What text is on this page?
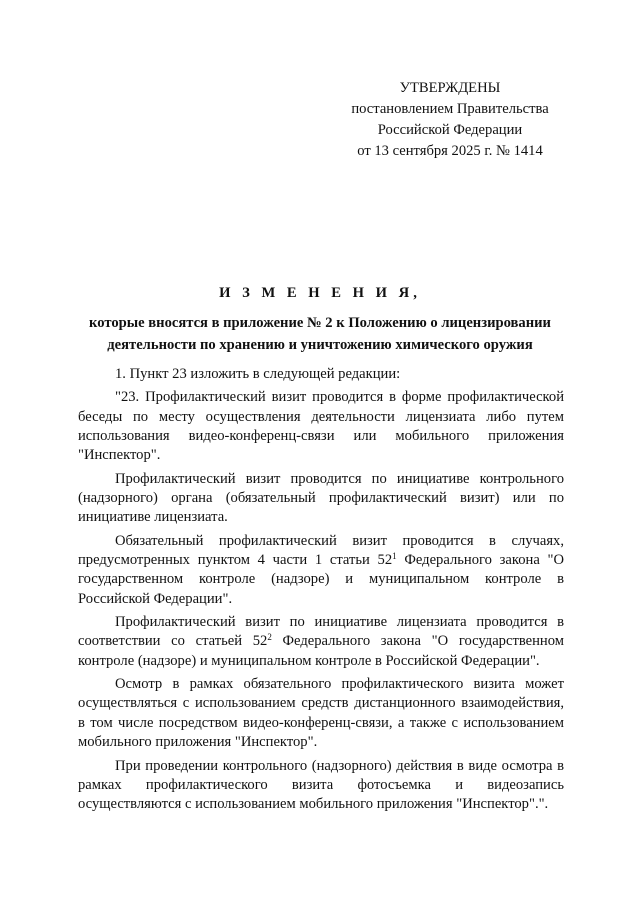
УТВЕРЖДЕНЫ
постановлением Правительства
Российской Федерации
от 13 сентября 2025 г. № 1414
И З М Е Н Е Н И Я,
которые вносятся в приложение № 2 к Положению о лицензировании деятельности по хранению и уничтожению химического оружия

1. Пункт 23 изложить в следующей редакции:

"23. Профилактический визит проводится в форме профилактической беседы по месту осуществления деятельности лицензиата либо путем использования видео-конференц-связи или мобильного приложения "Инспектор".

Профилактический визит проводится по инициативе контрольного (надзорного) органа (обязательный профилактический визит) или по инициативе лицензиата.

Обязательный профилактический визит проводится в случаях, предусмотренных пунктом 4 части 1 статьи $52^1$ Федерального закона "О государственном контроле (надзоре) и муниципальном контроле в Российской Федерации".

Профилактический визит по инициативе лицензиата проводится в соответствии со статьей $52^2$ Федерального закона "О государственном контроле (надзоре) и муниципальном контроле в Российской Федерации".

Осмотр в рамках обязательного профилактического визита может осуществляться с использованием средств дистанционного взаимодействия, в том числе посредством видео-конференц-связи, а также с использованием мобильного приложения "Инспектор".

При проведении контрольного (надзорного) действия в виде осмотра в рамках профилактического визита фотосъемка и видеозапись осуществляются с использованием мобильного приложения "Инспектор".".
